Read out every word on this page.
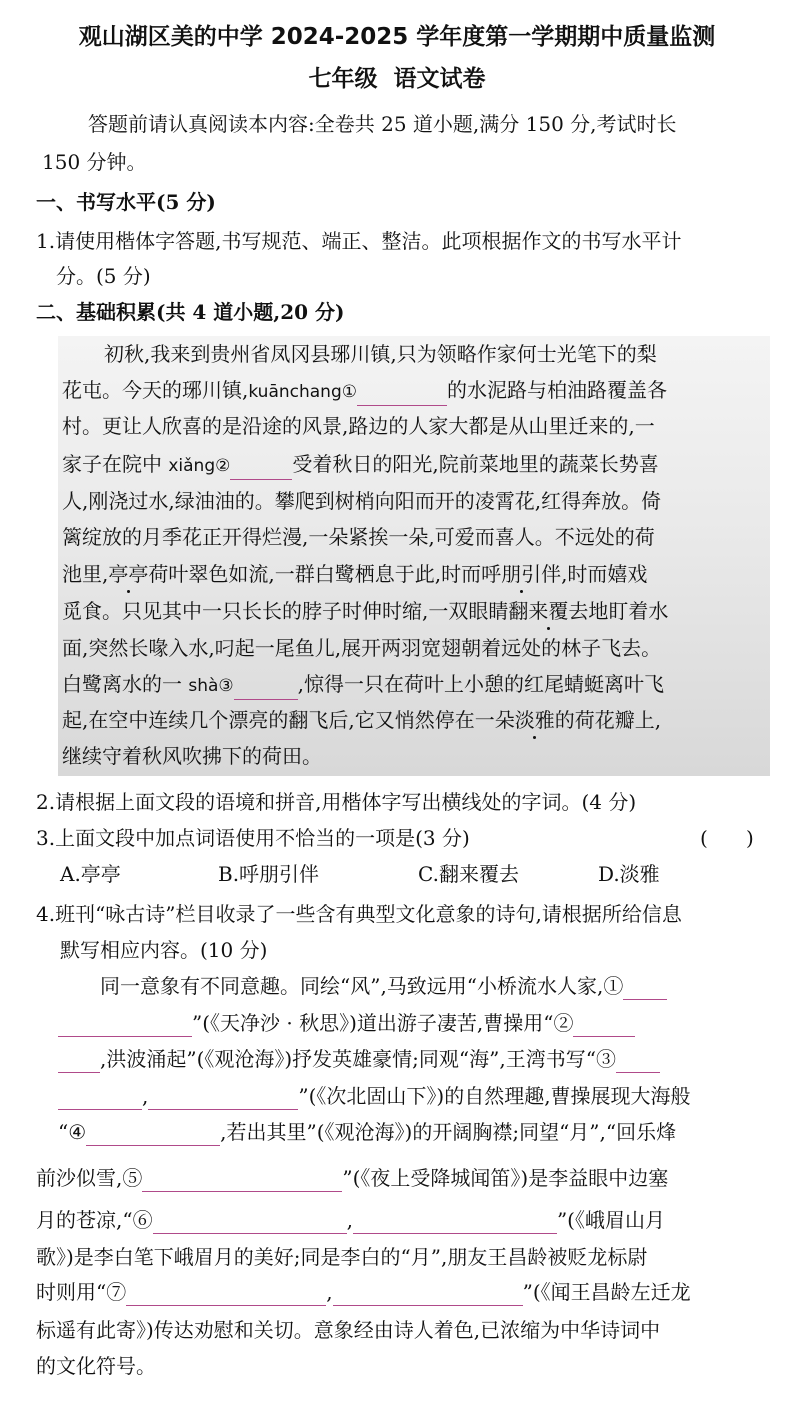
观山湖区美的中学 2024-2025 学年度第一学期期中质量监测
七年级  语文试卷
答题前请认真阅读本内容:全卷共 25 道小题,满分 150 分,考试时长
150 分钟。
一、书写水平(5 分)
1.请使用楷体字答题,书写规范、端正、整洁。此项根据作文的书写水平计
分。(5 分)
二、基础积累(共 4 道小题,20 分)
初秋,我来到贵州省凤冈县琊川镇,只为领略作家何士光笔下的梨
花屯。今天的琊川镇,kuānchang①	的水泥路与柏油路覆盖各
村。更让人欣喜的是沿途的风景,路边的人家大都是从山里迁来的,一
家子在院中 xiǎng②	受着秋日的阳光,院前菜地里的蔬菜长势喜
人,刚浇过水,绿油油的。攀爬到树梢向阳而开的凌霄花,红得奔放。倚
篱绽放的月季花正开得烂漫,一朵紧挨一朵,可爱而喜人。不远处的荷
池里,亭亭荷叶翠色如流,一群白鹭栖息于此,时而呼朋引伴,时而嬉戏
觅食。只见其中一只长长的脖子时伸时缩,一双眼睛翻来覆去地盯着水
面,突然长喙入水,叼起一尾鱼儿,展开两羽宽翅朝着远处的林子飞去。
白鹭离水的一 shà③	,惊得一只在荷叶上小憩的红尾蜻蜓离叶飞
起,在空中连续几个漂亮的翻飞后,它又悄然停在一朵淡雅的荷花瓣上,
继续守着秋风吹拂下的荷田。
2.请根据上面文段的语境和拼音,用楷体字写出横线处的字词。(4 分)
3.上面文段中加点词语使用不恰当的一项是(3 分)	(      )
A.亭亭	B.呼朋引伴	C.翻来覆去	D.淡雅
4.班刊“咏古诗”栏目收录了一些含有典型文化意象的诗句,请根据所给信息
默写相应内容。(10 分)
同一意象有不同意趣。同绘“风”,马致远用“小桥流水人家,①
”(《天净沙 · 秋思》)道出游子凄苦,曹操用“②
,洪波涌起”(《观沧海》)抒发英雄豪情;同观“海”,王湾书写“③
,	”(《次北固山下》)的自然理趣,曹操展现大海般
“④	,若出其里”(《观沧海》)的开阔胸襟;同望“月”,“回乐烽
前沙似雪,⑤	”(《夜上受降城闻笛》)是李益眼中边塞
月的苍凉,“⑥	,	”(《峨眉山月
歌》)是李白笔下峨眉月的美好;同是李白的“月”,朋友王昌龄被贬龙标尉
时则用“⑦	,	”(《闻王昌龄左迁龙
标遥有此寄》)传达劝慰和关切。意象经由诗人着色,已浓缩为中华诗词中
的文化符号。
